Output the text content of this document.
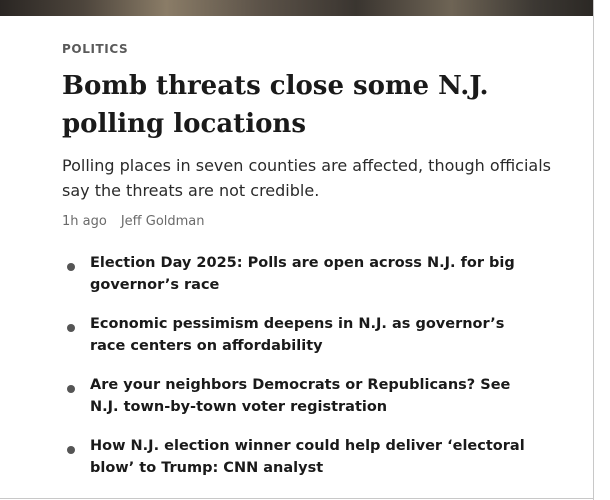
POLITICS
Bomb threats close some N.J. polling locations

Polling places in seven counties are affected, though officials say the threats are not credible.

1h ago Jeff Goldman
Election Day 2025: Polls are open across N.J. for big governor’s race
Economic pessimism deepens in N.J. as governor’s race centers on affordability
Are your neighbors Democrats or Republicans? See N.J. town-by-town voter registration
How N.J. election winner could help deliver ‘electoral blow’ to Trump: CNN analyst
